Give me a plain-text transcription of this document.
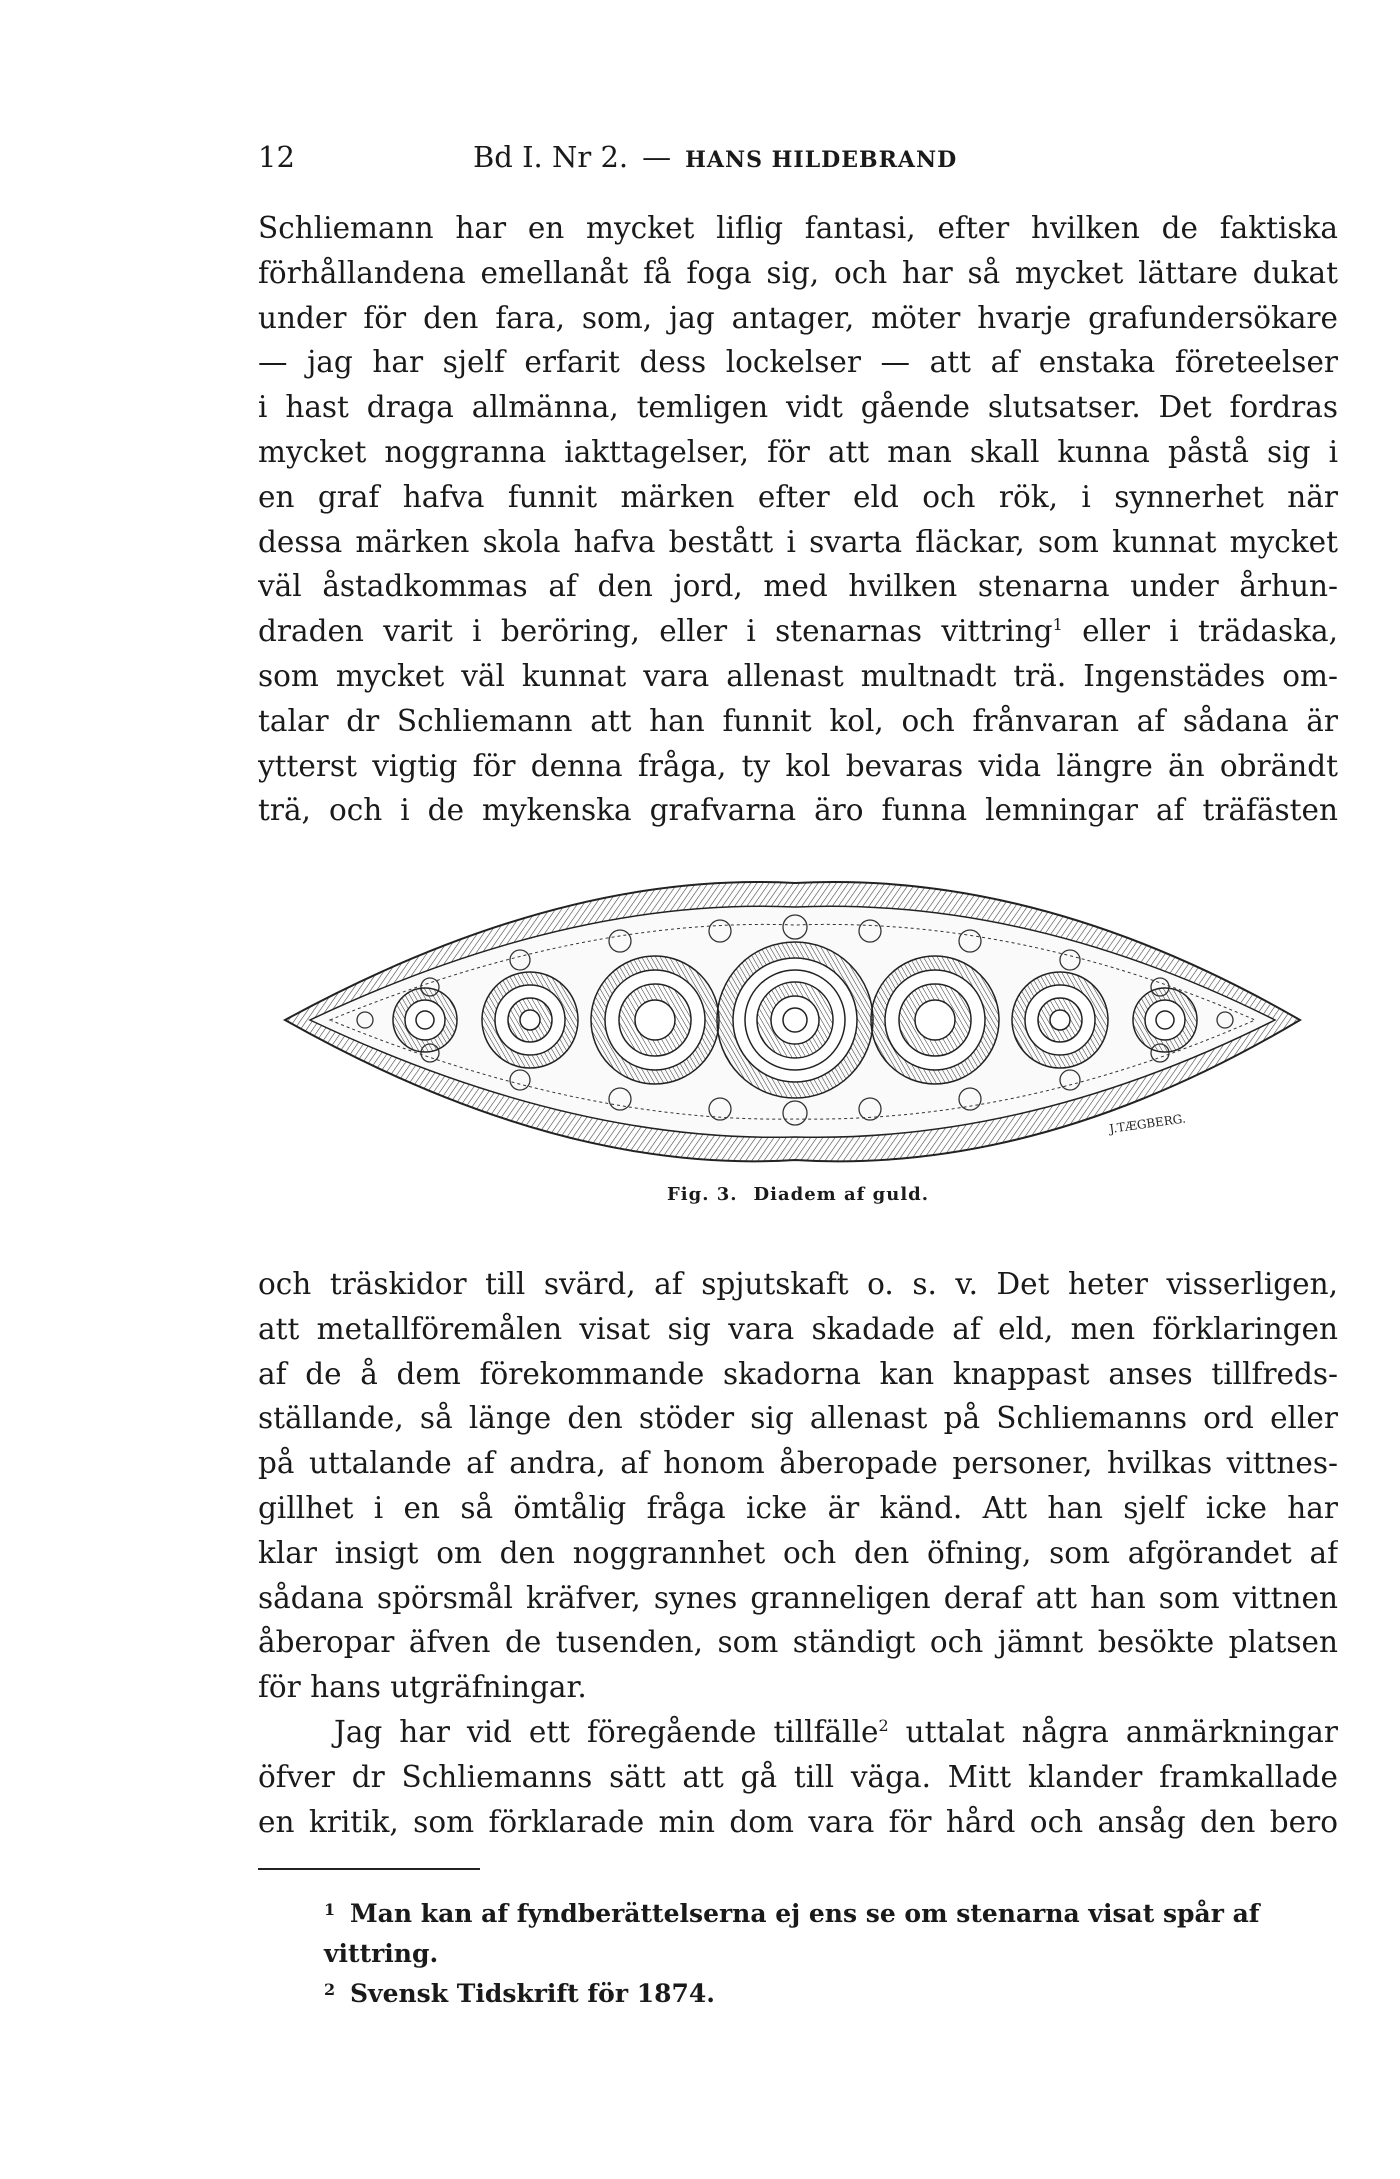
12	Bd I. Nr 2. — HANS HILDEBRAND
Schliemann har en mycket liflig fantasi, efter hvilken de faktiska
förhållandena emellanåt få foga sig, och har så mycket lättare dukat
under för den fara, som, jag antager, möter hvarje grafundersökare
— jag har sjelf erfarit dess lockelser — att af enstaka företeelser
i hast draga allmänna, temligen vidt gående slutsatser. Det fordras
mycket noggranna iakttagelser, för att man skall kunna påstå sig i
en graf hafva funnit märken efter eld och rök, i synnerhet när
dessa märken skola hafva bestått i svarta fläckar, som kunnat mycket
väl åstadkommas af den jord, med hvilken stenarna under århun-
draden varit i beröring, eller i stenarnas vittring$^1$ eller i trädaska,
som mycket väl kunnat vara allenast multnadt trä. Ingenstädes om-
talar dr Schliemann att han funnit kol, och frånvaran af sådana är
ytterst vigtig för denna fråga, ty kol bevaras vida längre än obrändt
trä, och i de mykenska grafvarna äro funna lemningar af träfästen
J.TÆGBERG.
Fig. 3. Diadem af guld.
och träskidor till svärd, af spjutskaft o. s. v. Det heter visserligen,
att metallföremålen visat sig vara skadade af eld, men förklaringen
af de å dem förekommande skadorna kan knappast anses tillfreds-
ställande, så länge den stöder sig allenast på Schliemanns ord eller
på uttalande af andra, af honom åberopade personer, hvilkas vittnes-
gillhet i en så ömtålig fråga icke är känd. Att han sjelf icke har
klar insigt om den noggrannhet och den öfning, som afgörandet af
sådana spörsmål kräfver, synes granneligen deraf att han som vittnen
åberopar äfven de tusenden, som ständigt och jämnt besökte platsen
för hans utgräfningar.
Jag har vid ett föregående tillfälle$^2$ uttalat några anmärkningar
öfver dr Schliemanns sätt att gå till väga. Mitt klander framkallade
en kritik, som förklarade min dom vara för hård och ansåg den bero
1 Man kan af fyndberättelserna ej ens se om stenarna visat spår af vittring.
2 Svensk Tidskrift för 1874.
